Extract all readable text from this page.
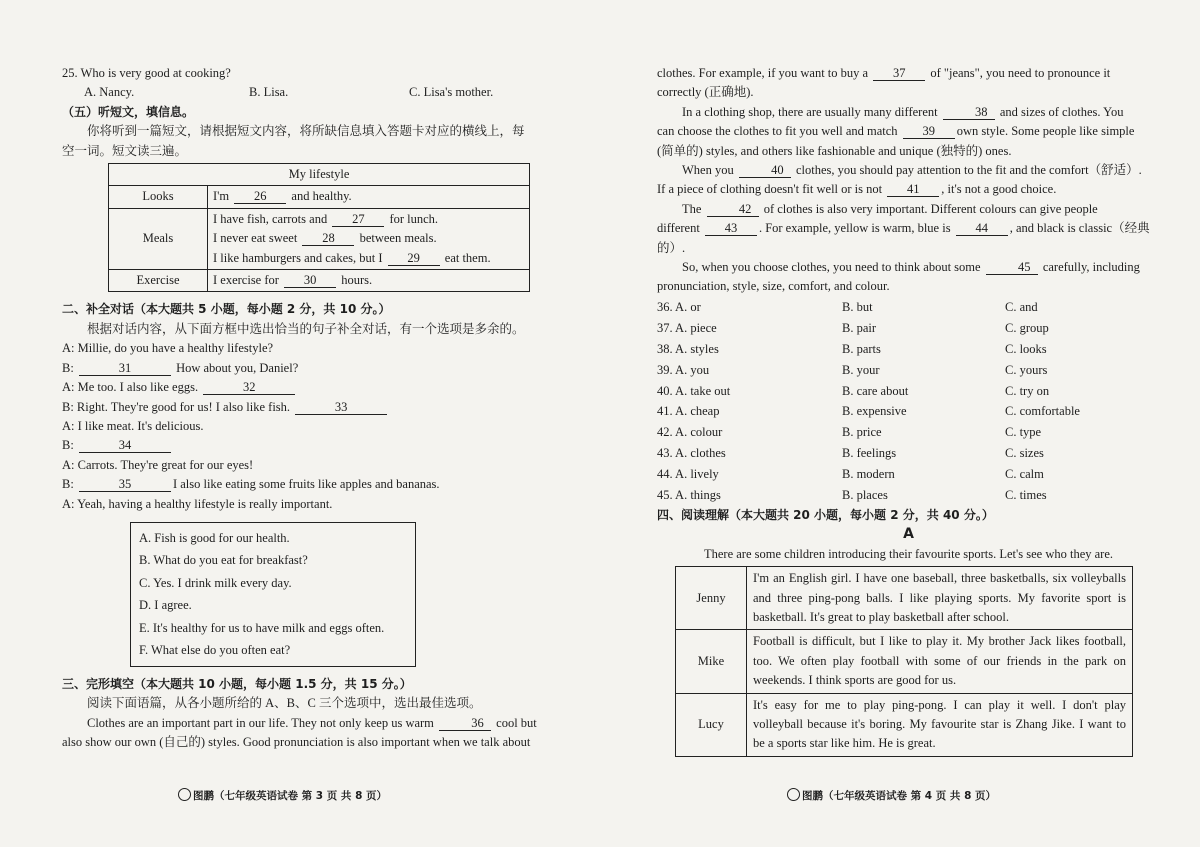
25. Who is very good at cooking?
A. Nancy.	B. Lisa.	C. Lisa's mother.
（五）听短文，填信息。
你将听到一篇短文，请根据短文内容，将所缺信息填入答题卡对应的横线上，每
空一词。短文读三遍。
My lifestyle	
Looks	I'm 26 and healthy.
Meals	I have fish, carrots and 27 for lunch.
I never eat sweet 28 between meals.
I like hamburgers and cakes, but I 29 eat them.

Exercise	I exercise for 30 hours.
二、补全对话（本大题共 5 小题，每小题 2 分，共 10 分。）
根据对话内容，从下面方框中选出恰当的句子补全对话，有一个选项是多余的。
A: Millie, do you have a healthy lifestyle?
B:	31	How about you, Daniel?
A: Me too. I also like eggs.	32
B: Right. They're good for us! I also like fish.	33
A: I like meat. It's delicious.
B:	34
A: Carrots. They're great for our eyes!
B:	35	I also like eating some fruits like apples and bananas.
A: Yeah, having a healthy lifestyle is really important.
A. Fish is good for our health.
B. What do you eat for breakfast?
C. Yes. I drink milk every day.
D. I agree.
E. It's healthy for us to have milk and eggs often.
F. What else do you often eat?
三、完形填空（本大题共 10 小题，每小题 1.5 分，共 15 分。）
阅读下面语篇，从各小题所给的 A、B、C 三个选项中，选出最佳选项。
Clothes are an important part in our life. They not only keep us warm	36 cool but
also show our own (自己的) styles. Good pronunciation is also important when we talk about
图鹏（七年级英语试卷 第 3 页 共 8 页）
clothes. For example, if you want to buy a 37 of "jeans", you need to pronounce it
correctly (正确地).
In a clothing shop, there are usually many different	38 and sizes of clothes. You
can choose the clothes to fit you well and match 39 own style. Some people like simple
(简单的) styles, and others like fashionable and unique (独特的) ones.
When you	40 clothes, you should pay attention to the fit and the comfort（舒适）.
If a piece of clothing doesn't fit well or is not 41 , it's not a good choice.
The	42 of clothes is also very important. Different colours can give people
different 43 . For example, yellow is warm, blue is 44 , and black is classic（经典
的）.
So, when you choose clothes, you need to think about some	45 carefully, including
pronunciation, style, size, comfort, and colour.
36. A. or	B. but	C. and
37. A. piece	B. pair	C. group
38. A. styles	B. parts	C. looks
39. A. you	B. your	C. yours
40. A. take out	B. care about	C. try on
41. A. cheap	B. expensive	C. comfortable
42. A. colour	B. price	C. type
43. A. clothes	B. feelings	C. sizes
44. A. lively	B. modern	C. calm
45. A. things	B. places	C. times
四、阅读理解（本大题共 20 小题，每小题 2 分，共 40 分。）
A
There are some children introducing their favourite sports. Let's see who they are.
Jenny	I'm an English girl. I have one baseball, three basketballs, six volleyballs and three ping-pong balls. I like playing sports. My favorite sport is basketball. It's great to play basketball after school.
Mike	Football is difficult, but I like to play it. My brother Jack likes football, too. We often play football with some of our friends in the park on weekends. I think sports are good for us.
Lucy	It's easy for me to play ping-pong. I can play it well. I don't play volleyball because it's boring. My favourite star is Zhang Jike. I want to be a sports star like him. He is great.
图鹏（七年级英语试卷 第 4 页 共 8 页）
